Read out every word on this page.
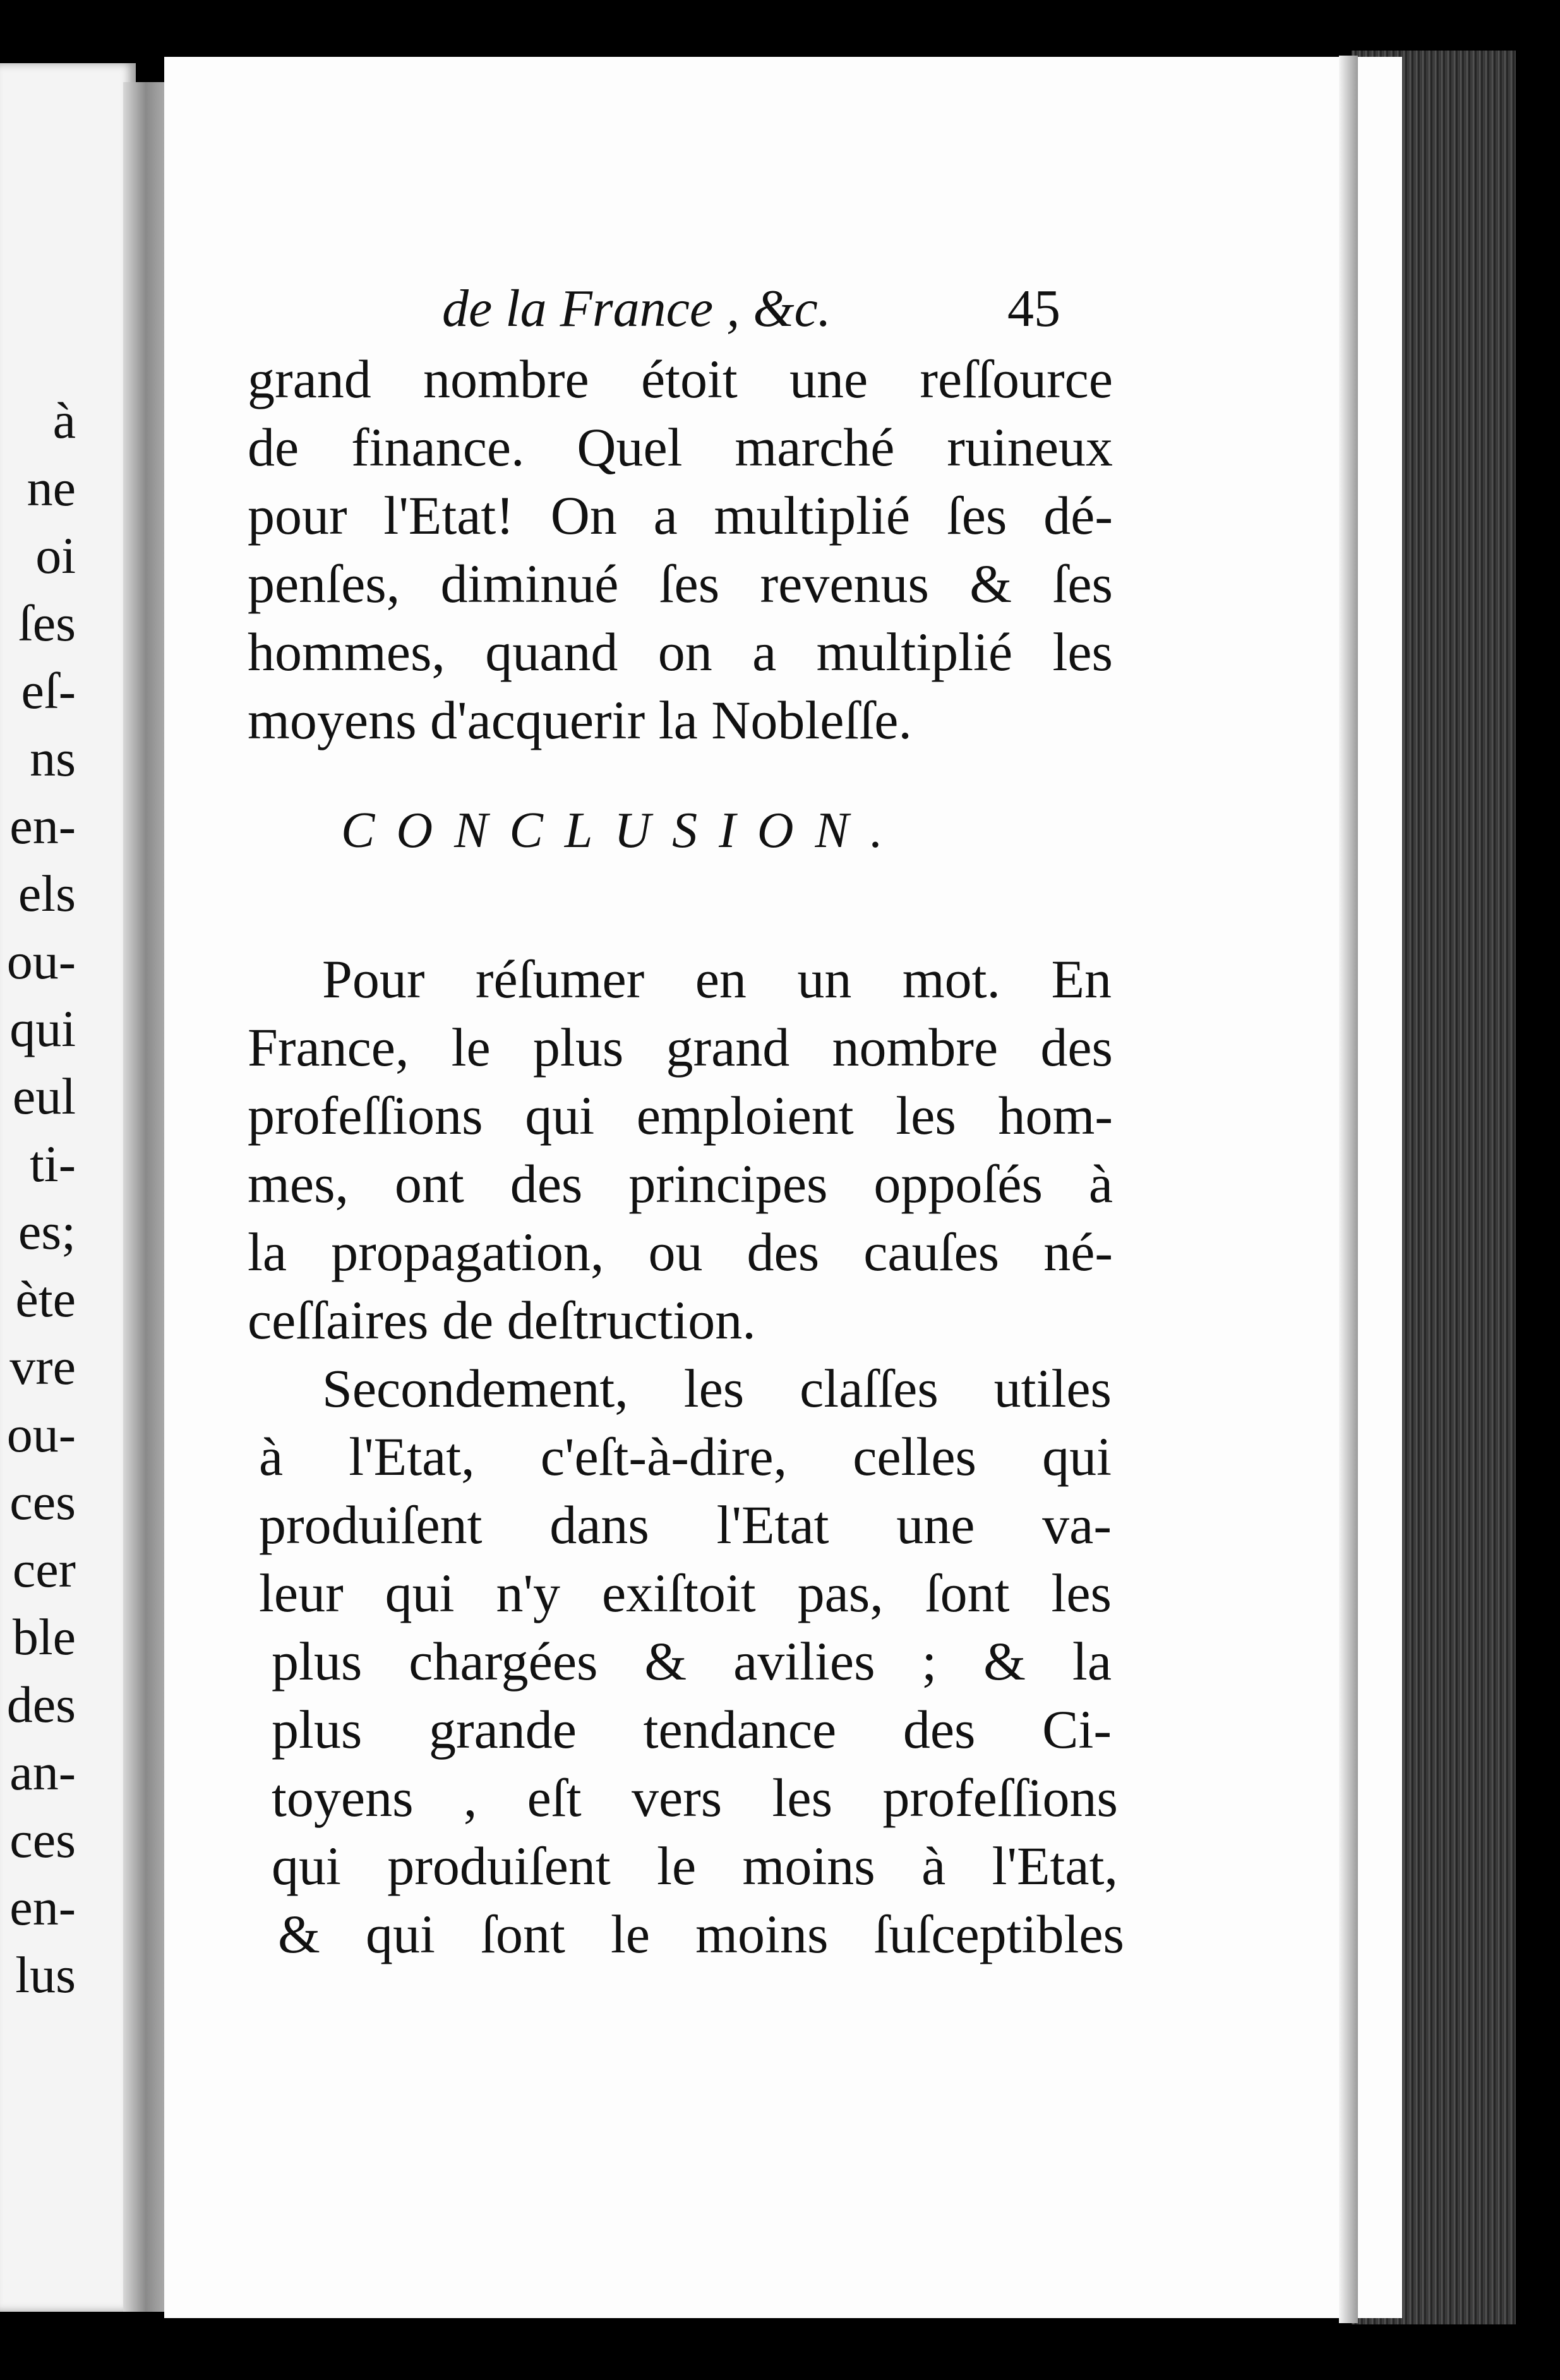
à
ne
oi
ſes
eſ-
ns
en-
els
ou-
qui
eul
ti-
es;
ète
vre
ou-
ces
cer
ble
des
an-
ces
en-
lus
de la France , &c.	45
grand nombre étoit une reſſource
de finance. Quel marché ruineux
pour l'Etat! On a multiplié ſes dé-
penſes, diminué ſes revenus & ſes
hommes, quand on a multiplié les
moyens d'acquerir la Nobleſſe.
CONCLUSION.
Pour réſumer en un mot. En
France, le plus grand nombre des
profeſſions qui emploient les hom-
mes, ont des principes oppoſés à
la propagation, ou des cauſes né-
ceſſaires de deſtruction.
Secondement, les claſſes utiles
à l'Etat, c'eſt-à-dire, celles qui
produiſent dans l'Etat une va-
leur qui n'y exiſtoit pas, ſont les
plus chargées & avilies ; & la
plus grande tendance des Ci-
toyens , eſt vers les profeſſions
qui produiſent le moins à l'Etat,
& qui ſont le moins ſuſceptibles
